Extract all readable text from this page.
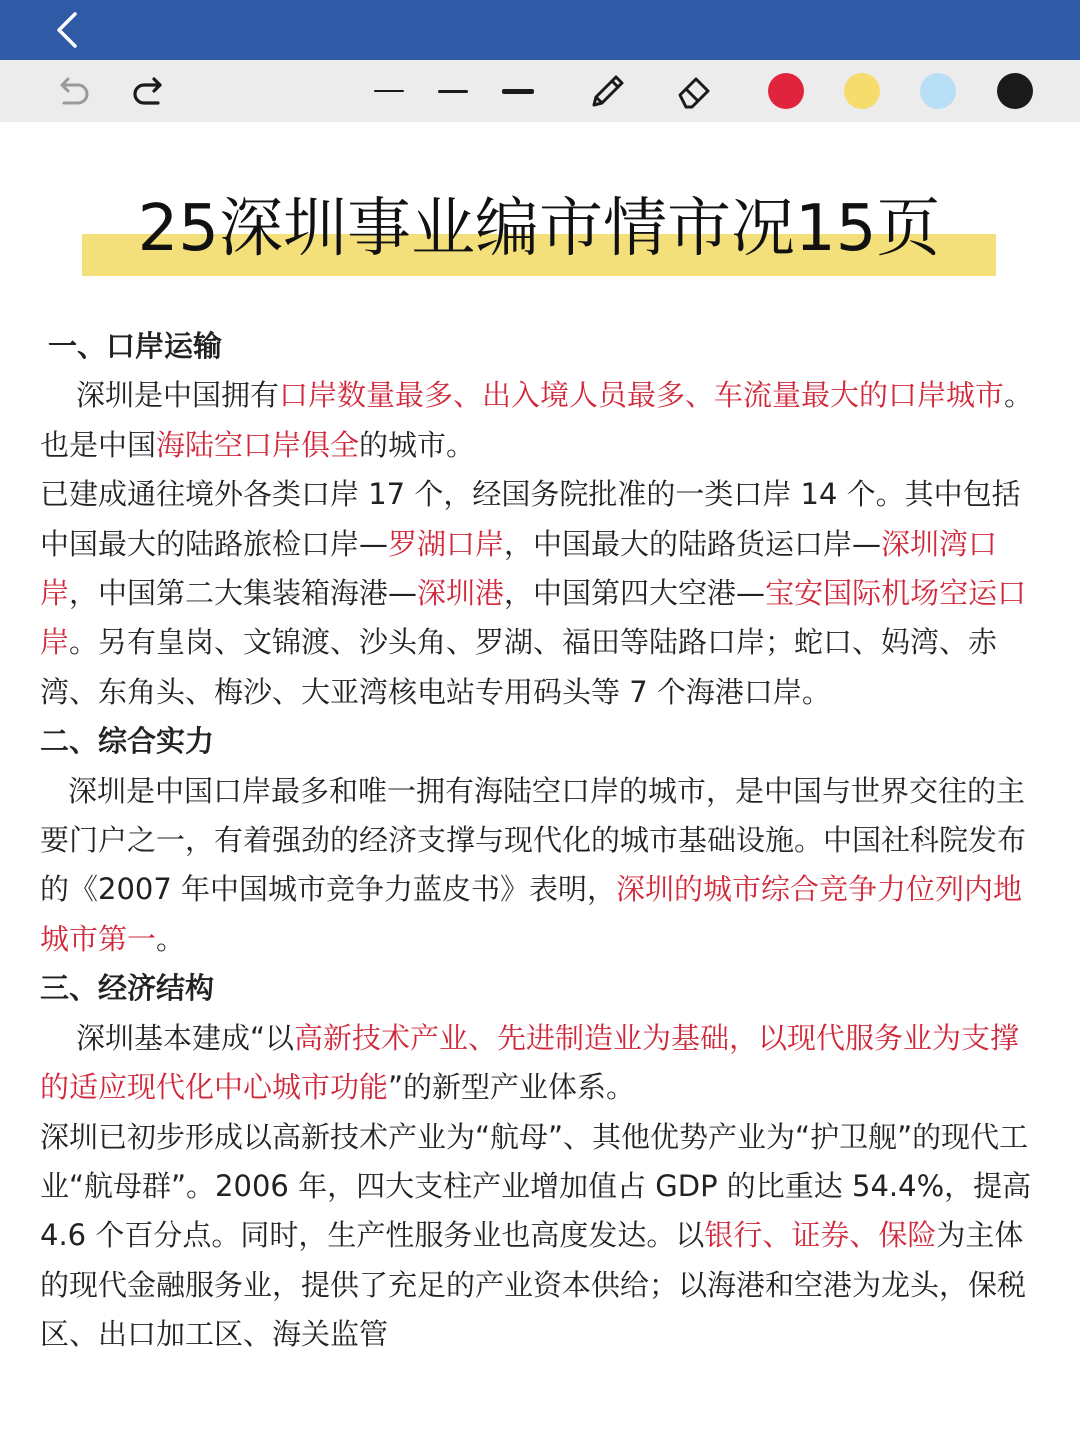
25深圳事业编市情市况15页

一、口岸运输

深圳是中国拥有口岸数量最多、出入境人员最多、车流量最大的口岸城市。也是中国海陆空口岸俱全的城市。

已建成通往境外各类口岸 17 个，经国务院批准的一类口岸 14 个。其中包括中国最大的陆路旅检口岸—罗湖口岸，中国最大的陆路货运口岸—深圳湾口岸，中国第二大集装箱海港—深圳港，中国第四大空港—宝安国际机场空运口岸。另有皇岗、文锦渡、沙头角、罗湖、福田等陆路口岸；蛇口、妈湾、赤湾、东角头、梅沙、大亚湾核电站专用码头等 7 个海港口岸。

二、综合实力

深圳是中国口岸最多和唯一拥有海陆空口岸的城市，是中国与世界交往的主要门户之一，有着强劲的经济支撑与现代化的城市基础设施。中国社科院发布的《2007 年中国城市竞争力蓝皮书》表明，深圳的城市综合竞争力位列内地城市第一。

三、经济结构

深圳基本建成“以高新技术产业、先进制造业为基础，以现代服务业为支撑的适应现代化中心城市功能”的新型产业体系。

深圳已初步形成以高新技术产业为“航母”、其他优势产业为“护卫舰”的现代工业“航母群”。2006 年，四大支柱产业增加值占 GDP 的比重达 54.4%，提高 4.6 个百分点。同时，生产性服务业也高度发达。以银行、证券、保险为主体的现代金融服务业，提供了充足的产业资本供给；以海港和空港为龙头，保税区、出口加工区、海关监管
